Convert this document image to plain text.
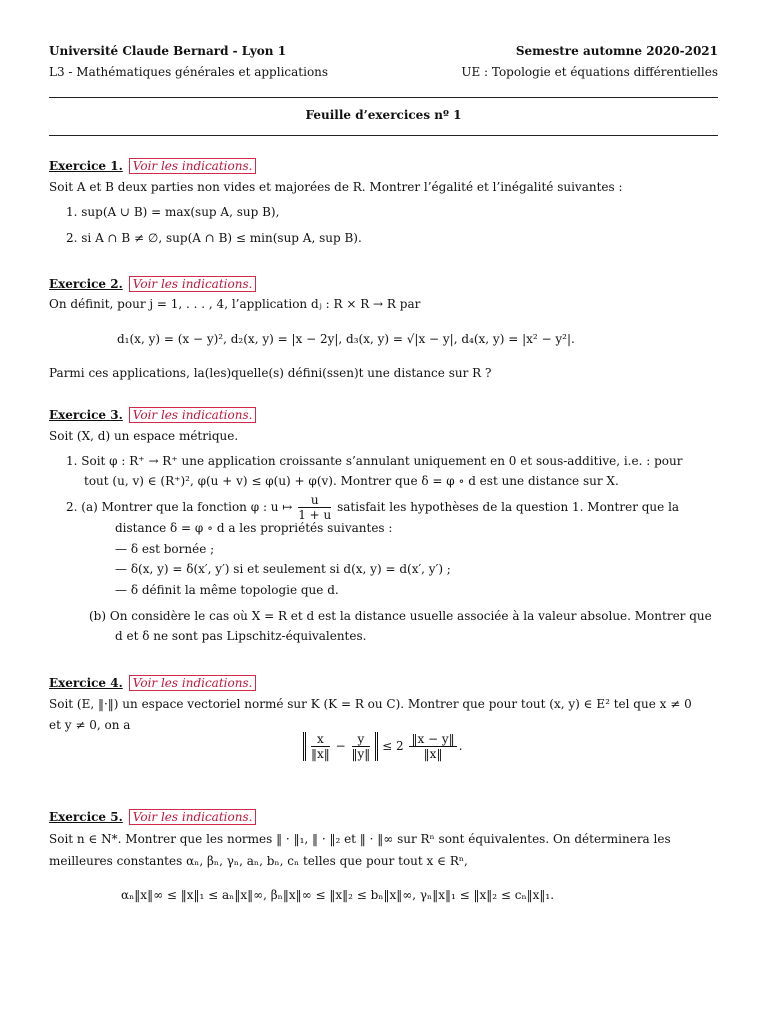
Université Claude Bernard - Lyon 1	Semestre automne 2020-2021
L3 - Mathématiques générales et applications	UE : Topologie et équations différentielles
Feuille d’exercices nº 1
Exercice 1. Voir les indications.
Soit A et B deux parties non vides et majorées de R. Montrer l’égalité et l’inégalité suivantes :
1. sup(A ∪ B) = max(sup A, sup B),
2. si A ∩ B ≠ ∅, sup(A ∩ B) ≤ min(sup A, sup B).
Exercice 2. Voir les indications.
On définit, pour j = 1, . . . , 4, l’application dⱼ : R × R → R par
d₁(x, y) = (x − y)², d₂(x, y) = |x − 2y|, d₃(x, y) = √|x − y|, d₄(x, y) = |x² − y²|.
Parmi ces applications, la(les)quelle(s) défini(ssen)t une distance sur R ?
Exercice 3. Voir les indications.
Soit (X, d) un espace métrique.
1. Soit φ : R⁺ → R⁺ une application croissante s’annulant uniquement en 0 et sous-additive, i.e. : pour
tout (u, v) ∈ (R⁺)², φ(u + v) ≤ φ(u) + φ(v). Montrer que δ = φ ∘ d est une distance sur X.
2. (a) Montrer que la fonction φ : u ↦ $\frac{u}{1 + u}$ satisfait les hypothèses de la question 1. Montrer que la
distance δ = φ ∘ d a les propriétés suivantes :
— δ est bornée ;
— δ(x, y) = δ(x′, y′) si et seulement si d(x, y) = d(x′, y′) ;
— δ définit la même topologie que d.
(b) On considère le cas où X = R et d est la distance usuelle associée à la valeur absolue. Montrer que
d et δ ne sont pas Lipschitz-équivalentes.
Exercice 4. Voir les indications.
Soit (E, ‖·‖) un espace vectoriel normé sur K (K = R ou C). Montrer que pour tout (x, y) ∈ E² tel que x ≠ 0
et y ≠ 0, on a
$\frac{x}{‖x‖} - \frac{y}{‖y‖} \le 2 \frac{‖x - y‖}{‖x‖}$ .
Exercice 5. Voir les indications.
Soit n ∈ N*. Montrer que les normes ‖ · ‖₁, ‖ · ‖₂ et ‖ · ‖∞ sur Rⁿ sont équivalentes. On déterminera les
meilleures constantes αₙ, βₙ, γₙ, aₙ, bₙ, cₙ telles que pour tout x ∈ Rⁿ,
αₙ‖x‖∞ ≤ ‖x‖₁ ≤ aₙ‖x‖∞, βₙ‖x‖∞ ≤ ‖x‖₂ ≤ bₙ‖x‖∞, γₙ‖x‖₁ ≤ ‖x‖₂ ≤ cₙ‖x‖₁.
